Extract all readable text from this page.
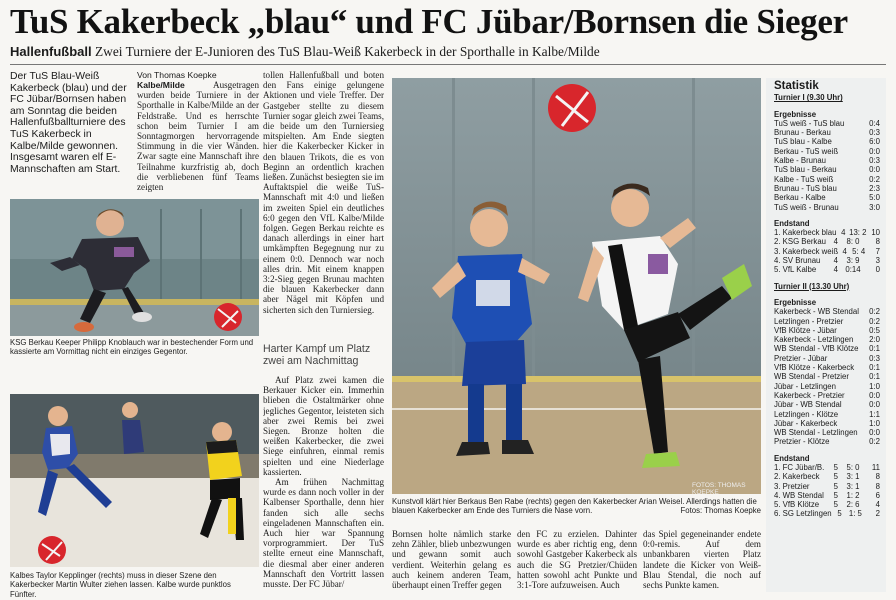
TuS Kakerbeck „blau“ und FC Jübar/Bornsen die Sieger
Hallenfußball Zwei Turniere der E-Junioren des TuS Blau-Weiß Kakerbeck in der Sporthalle in Kalbe/Milde
Der TuS Blau-Weiß Kakerbeck (blau) und der FC Jübar/Bornsen haben am Sonntag die beiden Hallenfußballturniere des TuS Kakerbeck in Kalbe/Milde gewonnen. Insgesamt waren elf E-Mannschaften am Start.
Von Thomas Koepke
Kalbe/Milde	Ausgetragen wurden beide Turniere in der Sporthalle in Kalbe/Milde an der Feldstraße. Und es herrschte schon beim Turnier I am Sonntagmorgen hervorragende Stimmung in die vier Wänden. Zwar sagte eine Mannschaft ihre Teilnahme kurzfristig ab, doch die verbliebenen fünf Teams zeigten
KSG Berkau Keeper Philipp Knoblauch war in bestechender Form und kassierte am Vormittag nicht ein einziges Gegentor.
Kalbes Taylor Kepplinger (rechts) muss in dieser Szene den Kakerbecker Martin Wulter ziehen lassen. Kalbe wurde punktlos Fünfter.
tollen Hallenfußball und boten den Fans einige gelungene Aktionen und viele Treffer. Der Gastgeber stellte zu diesem Turnier sogar gleich zwei Teams, die beide um den Turniersieg mitspielten. Am Ende siegten hier die Kakerbecker Kicker in den blauen Trikots, die es von Beginn an ordentlich krachen ließen. Zunächst besiegten sie im Auftaktspiel die weiße TuS-Mannschaft mit 4:0 und ließen im zweiten Spiel ein deutliches 6:0 gegen den VfL Kalbe/Milde folgen. Gegen Berkau reichte es danach allerdings in einer hart umkämpften Begegnung nur zu einem 0:0. Dennoch war noch alles drin. Mit einem knappen 3:2-Sieg gegen Brunau machten die blauen Kakerbecker dann aber Nägel mit Köpfen und sicherten sich den Turniersieg.
Harter Kampf um Platz zwei am Nachmittag

Auf Platz zwei kamen die Berkauer Kicker ein. Immerhin blieben die Ostaltmärker ohne jegliches Gegentor, leisteten sich aber zwei Remis bei zwei Siegen. Bronze holten die weißen Kakerbecker, die zwei Siege einfuhren, einmal remis spielten und eine Niederlage kassierten.

Am frühen Nachmittag wurde es dann noch voller in der Kalbenser Sporthalle, denn hier fanden sich alle sechs eingeladenen Mannschaften ein. Auch hier war Spannung vorprogrammiert. Der TuS stellte erneut eine Mannschaft, die diesmal aber einer anderen Mannschaft den Vortritt lassen musste. Der FC Jübar/

FOTOS: THOMAS KOEPKE
Kunstvoll klärt hier Berkaus Ben Rabe (rechts) gegen den Kakerbecker Arian Weisel. Allerdings hatten die blauen Kakerbecker am Ende des Turniers die Nase vorn.	Fotos: Thomas Koepke
Bornsen holte nämlich starke zehn Zähler, blieb unbezwungen und gewann somit auch verdient. Weiterhin gelang es auch keinem anderen Team, überhaupt einen Treffer gegen
den FC zu erzielen. Dahinter wurde es aber richtig eng, denn sowohl Gastgeber Kakerbeck als auch die SG Pretzier/Chüden hatten sowohl acht Punkte und 3:1-Tore aufzuweisen. Auch
das Spiel gegeneinander endete 0:0-remis. Auf dem unbankbaren vierten Platz landete die Kicker von Weiß-Blau Stendal, die noch auf sechs Punkte kamen.
Statistik
Turnier I (9.30 Uhr)
Ergebnisse
TuS weiß - TuS blau	0:4
Brunau - Berkau	0:3
TuS blau - Kalbe	6:0
Berkau - TuS weiß	0:0
Kalbe - Brunau	0:3
TuS blau - Berkau	0:0
Kalbe - TuS weiß	0:2
Brunau - TuS blau	2:3
Berkau - Kalbe	5:0
TuS weiß - Brunau	3:0
Endstand
1. Kakerbeck blau 4 13: 2 10
2. KSG Berkau 4	8: 0	8
3. Kakerbeck weiß 4 5: 4	7
4. SV Brunau	4	3: 9	3
5. VfL Kalbe	4 0:14	0
Turnier II (13.30 Uhr)
Ergebnisse
Kakerbeck - WB Stendal 0:2
Letzlingen - Pretzier	0:2
VfB Klötze - Jübar	0:5
Kakerbeck - Letzlingen 2:0
WB Stendal - VfB Klötze 0:1
Pretzier - Jübar	0:3
VfB Klötze - Kakerbeck 0:1
WB Stendal - Pretzier	0:1
Jübar - Letzlingen	1:0
Kakerbeck - Pretzier	0:0
Jübar - WB Stendal	0:0
Letzlingen - Klötze	1:1
Jübar - Kakerbeck	1:0
WB Stendal - Letzlingen 0:0
Pretzier - Klötze	0:2
Endstand
1. FC Jübar/B.	5	5: 0	11
2. Kakerbeck	5	3: 1	8
3. Pretzier	5	3: 1	8
4. WB Stendal	5	1: 2	6
5. VfB Klötze	5	2: 6	4
6. SG Letzlingen 5 1: 5	2
